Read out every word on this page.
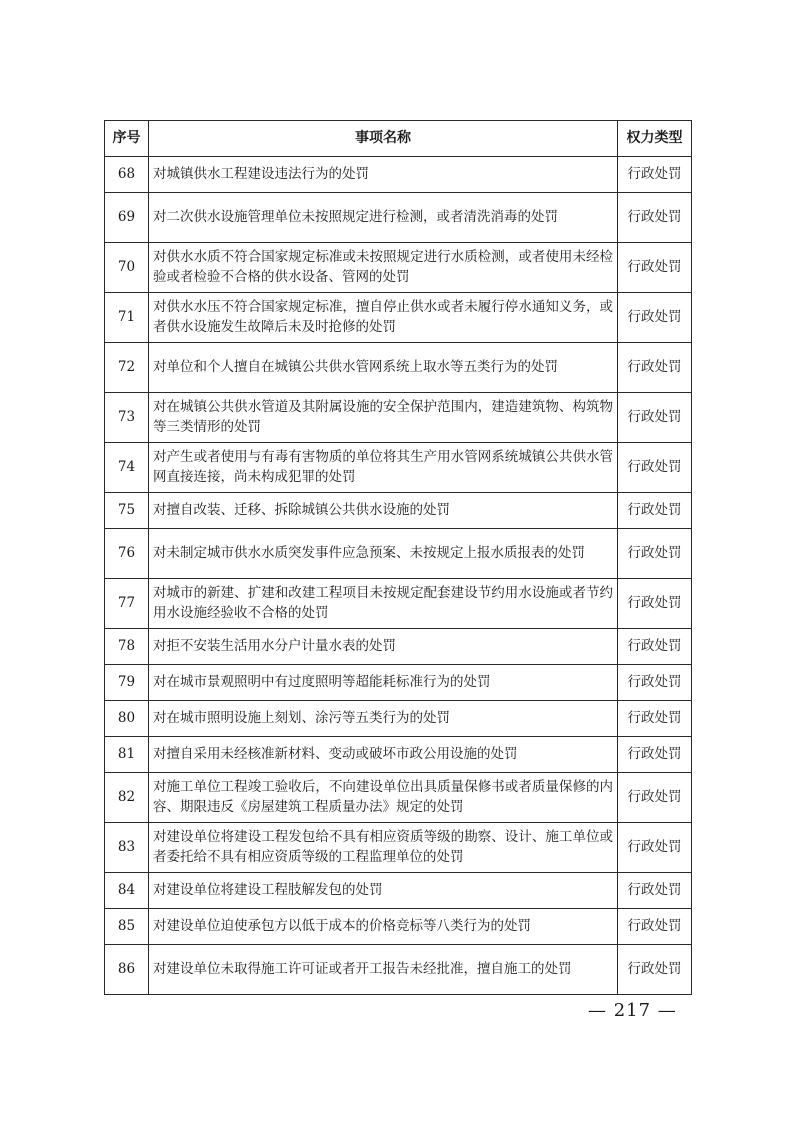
序号	事项名称	权力类型
68	对城镇供水工程建设违法行为的处罚	行政处罚
69	对二次供水设施管理单位未按照规定进行检测，或者清洗消毒的处罚	行政处罚
70	对供水水质不符合国家规定标准或未按照规定进行水质检测，或者使用未经检验或者检验不合格的供水设备、管网的处罚	行政处罚
71	对供水水压不符合国家规定标准，擅自停止供水或者未履行停水通知义务，或者供水设施发生故障后未及时抢修的处罚	行政处罚
72	对单位和个人擅自在城镇公共供水管网系统上取水等五类行为的处罚	行政处罚
73	对在城镇公共供水管道及其附属设施的安全保护范围内，建造建筑物、构筑物等三类情形的处罚	行政处罚
74	对产生或者使用与有毒有害物质的单位将其生产用水管网系统城镇公共供水管网直接连接，尚未构成犯罪的处罚	行政处罚
75	对擅自改装、迁移、拆除城镇公共供水设施的处罚	行政处罚
76	对未制定城市供水水质突发事件应急预案、未按规定上报水质报表的处罚	行政处罚
77	对城市的新建、扩建和改建工程项目未按规定配套建设节约用水设施或者节约用水设施经验收不合格的处罚	行政处罚
78	对拒不安装生活用水分户计量水表的处罚	行政处罚
79	对在城市景观照明中有过度照明等超能耗标准行为的处罚	行政处罚
80	对在城市照明设施上刻划、涂污等五类行为的处罚	行政处罚
81	对擅自采用未经核准新材料、变动或破坏市政公用设施的处罚	行政处罚
82	对施工单位工程竣工验收后，不向建设单位出具质量保修书或者质量保修的内容、期限违反《房屋建筑工程质量办法》规定的处罚	行政处罚
83	对建设单位将建设工程发包给不具有相应资质等级的勘察、设计、施工单位或者委托给不具有相应资质等级的工程监理单位的处罚	行政处罚
84	对建设单位将建设工程肢解发包的处罚	行政处罚
85	对建设单位迫使承包方以低于成本的价格竞标等八类行为的处罚	行政处罚
86	对建设单位未取得施工许可证或者开工报告未经批准，擅自施工的处罚	行政处罚
— 217 —
